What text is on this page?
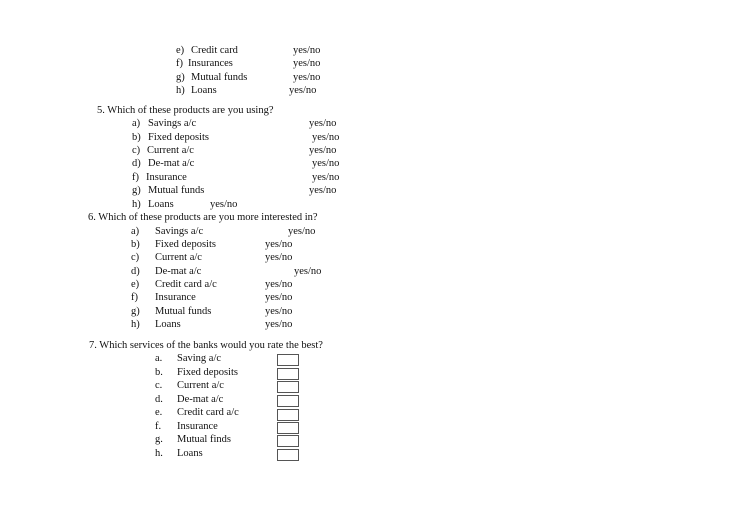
e) Credit card	yes/no
f) Insurances	yes/no
g) Mutual funds	yes/no
h) Loans	yes/no
5. Which of these products are you using?
a) Savings a/c	yes/no
b) Fixed deposits	yes/no
c) Current a/c	yes/no
d) De-mat a/c	yes/no
f) Insurance	yes/no
g) Mutual funds	yes/no
h) Loans	yes/no
6. Which of these products are you more interested in?
a) Savings a/c	yes/no
b) Fixed deposits	yes/no
c) Current a/c	yes/no
d) De-mat a/c	yes/no
e) Credit card a/c	yes/no
f) Insurance	yes/no
g) Mutual funds	yes/no
h) Loans	yes/no
7. Which services of the banks would you rate the best?
a. Saving a/c
b. Fixed deposits
c. Current a/c
d. De-mat a/c
e. Credit card a/c
f. Insurance
g. Mutual finds
h. Loans
